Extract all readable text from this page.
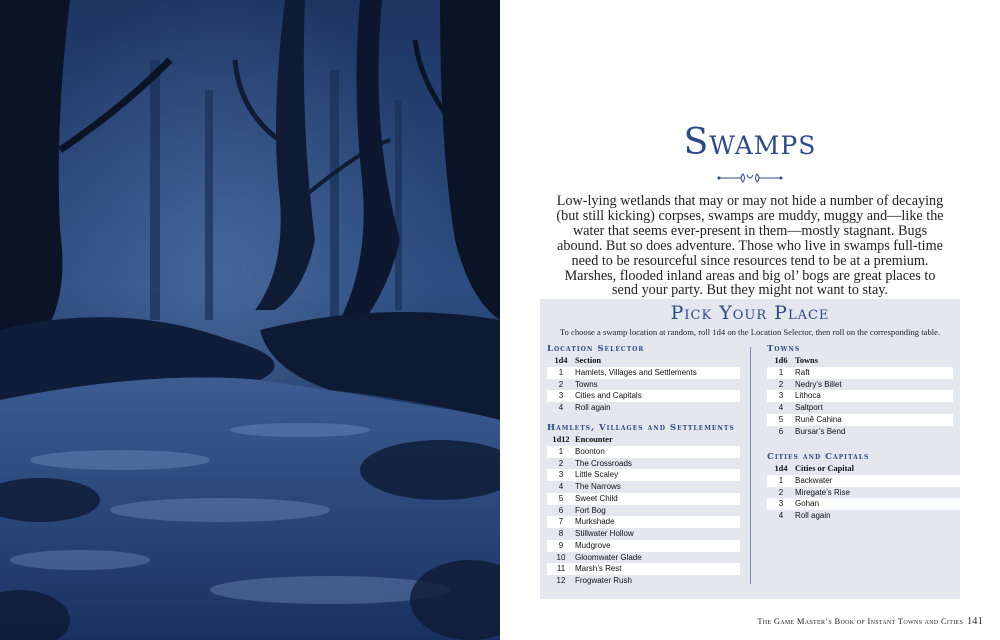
Swamps
Low-lying wetlands that may or may not hide a number of decaying (but still kicking) corpses, swamps are muddy, muggy and—like the water that seems ever-present in them—mostly stagnant. Bugs abound. But so does adventure. Those who live in swamps full-time need to be resourceful since resources tend to be at a premium. Marshes, flooded inland areas and big ol’ bogs are great places to send your party. But they might not want to stay.
Pick Your Place
To choose a swamp location at random, roll 1d4 on the Location Selector, then roll on the corresponding table.
Location Selector
1d4 Section
1	Hamlets, Villages and Settlements
2	Towns
3	Cities and Capitals
4	Roll again
Hamlets, Villages and Settlements
1d12 Encounter
1	Boonton
2	The Crossroads
3	Little Scaley
4	The Narrows
5	Sweet Child
6	Fort Bog
7	Murkshade
8	Stillwater Hollow
9	Mudgrove
10	Gloomwater Glade
11	Marsh’s Rest
12	Frogwater Rush
Towns
1d6 Towns
1	Raft
2	Nedry’s Billet
3	Lithoca
4	Saltport
5	Runê Cahina
6	Bursar’s Bend
Cities and Capitals
1d4 Cities or Capital
1	Backwater
2	Miregate’s Rise
3	Gohan
4	Roll again
The Game Master’s Book of Instant Towns and Cities 141
